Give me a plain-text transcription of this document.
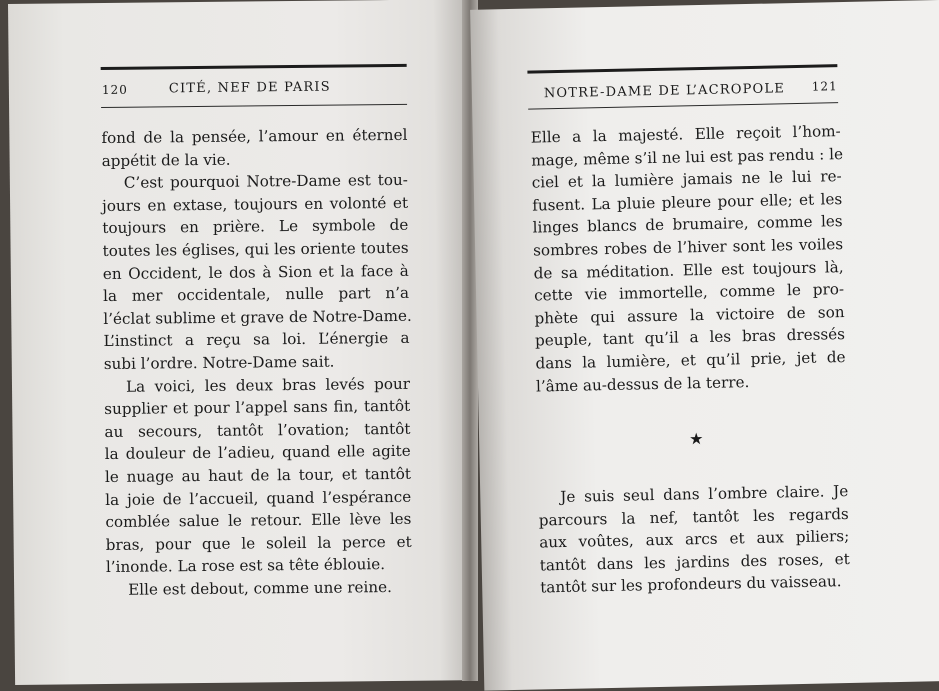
120	CITÉ, NEF DE PARIS
fond de la pensée, l’amour en éternel
appétit de la vie.
C’est pourquoi Notre-Dame est tou-
jours en extase, toujours en volonté et
toujours en prière. Le symbole de
toutes les églises, qui les oriente toutes
en Occident, le dos à Sion et la face à
la mer occidentale, nulle part n’a
l’éclat sublime et grave de Notre-Dame.
L’instinct a reçu sa loi. L’énergie a
subi l’ordre. Notre-Dame sait.
La voici, les deux bras levés pour
supplier et pour l’appel sans fin, tantôt
au secours, tantôt l’ovation; tantôt
la douleur de l’adieu, quand elle agite
le nuage au haut de la tour, et tantôt
la joie de l’accueil, quand l’espérance
comblée salue le retour. Elle lève les
bras, pour que le soleil la perce et
l’inonde. La rose est sa tête éblouie.
Elle est debout, comme une reine.
NOTRE-DAME DE L’ACROPOLE 121
Elle a la majesté. Elle reçoit l’hom-
mage, même s’il ne lui est pas rendu : le
ciel et la lumière jamais ne le lui re-
fusent. La pluie pleure pour elle; et les
linges blancs de brumaire, comme les
sombres robes de l’hiver sont les voiles
de sa méditation. Elle est toujours là,
cette vie immortelle, comme le pro-
phète qui assure la victoire de son
peuple, tant qu’il a les bras dressés
dans la lumière, et qu’il prie, jet de
l’âme au-dessus de la terre.
★
Je suis seul dans l’ombre claire. Je
parcours la nef, tantôt les regards
aux voûtes, aux arcs et aux piliers;
tantôt dans les jardins des roses, et
tantôt sur les profondeurs du vaisseau.
